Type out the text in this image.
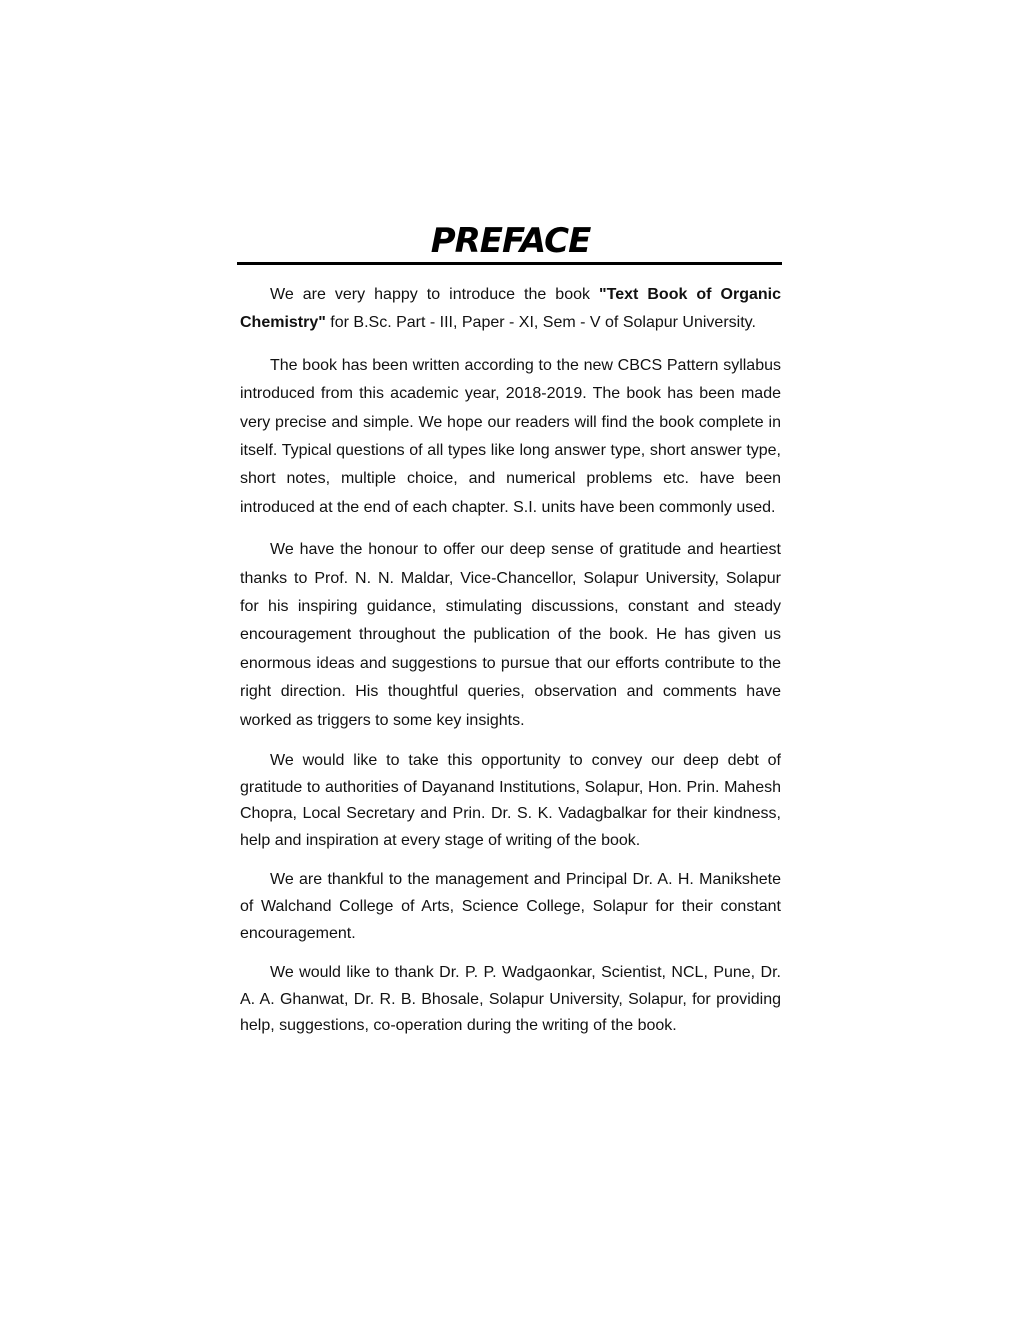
PREFACE

We are very happy to introduce the book "Text Book of Organic Chemistry" for B.Sc. Part - III, Paper - XI, Sem - V of Solapur University.

The book has been written according to the new CBCS Pattern syllabus introduced from this academic year, 2018-2019. The book has been made very precise and simple. We hope our readers will find the book complete in itself. Typical questions of all types like long answer type, short answer type, short notes, multiple choice, and numerical problems etc. have been introduced at the end of each chapter. S.I. units have been commonly used.

We have the honour to offer our deep sense of gratitude and heartiest thanks to Prof. N. N. Maldar, Vice-Chancellor, Solapur University, Solapur for his inspiring guidance, stimulating discussions, constant and steady encouragement throughout the publication of the book. He has given us enormous ideas and suggestions to pursue that our efforts contribute to the right direction. His thoughtful queries, observation and comments have worked as triggers to some key insights.

We would like to take this opportunity to convey our deep debt of gratitude to authorities of Dayanand Institutions, Solapur, Hon. Prin. Mahesh Chopra, Local Secretary and Prin. Dr. S. K. Vadagbalkar for their kindness, help and inspiration at every stage of writing of the book.

We are thankful to the management and Principal Dr. A. H. Manikshete of Walchand College of Arts, Science College, Solapur for their constant encouragement.

We would like to thank Dr. P. P. Wadgaonkar, Scientist, NCL, Pune, Dr. A. A. Ghanwat, Dr. R. B. Bhosale, Solapur University, Solapur, for providing help, suggestions, co-operation during the writing of the book.
